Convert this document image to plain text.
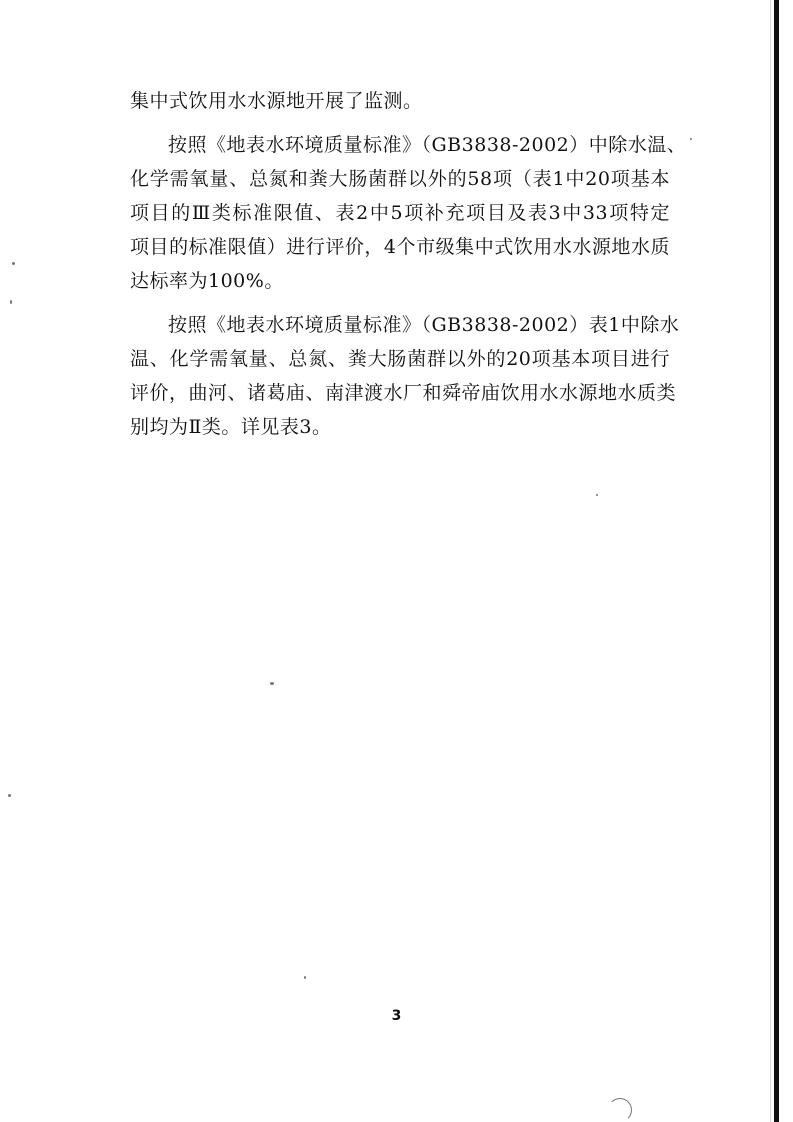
集中式饮用水水源地开展了监测。
按照《地表水环境质量标准》（GB3838-2002）中除水温、
化学需氧量、总氮和粪大肠菌群以外的58项（表1中20项基本
项目的Ⅲ类标准限值、表2中5项补充项目及表3中33项特定
项目的标准限值）进行评价，4个市级集中式饮用水水源地水质
达标率为100%。
按照《地表水环境质量标准》（GB3838-2002）表1中除水
温、化学需氧量、总氮、粪大肠菌群以外的20项基本项目进行
评价，曲河、诸葛庙、南津渡水厂和舜帝庙饮用水水源地水质类
别均为Ⅱ类。详见表3。
3
